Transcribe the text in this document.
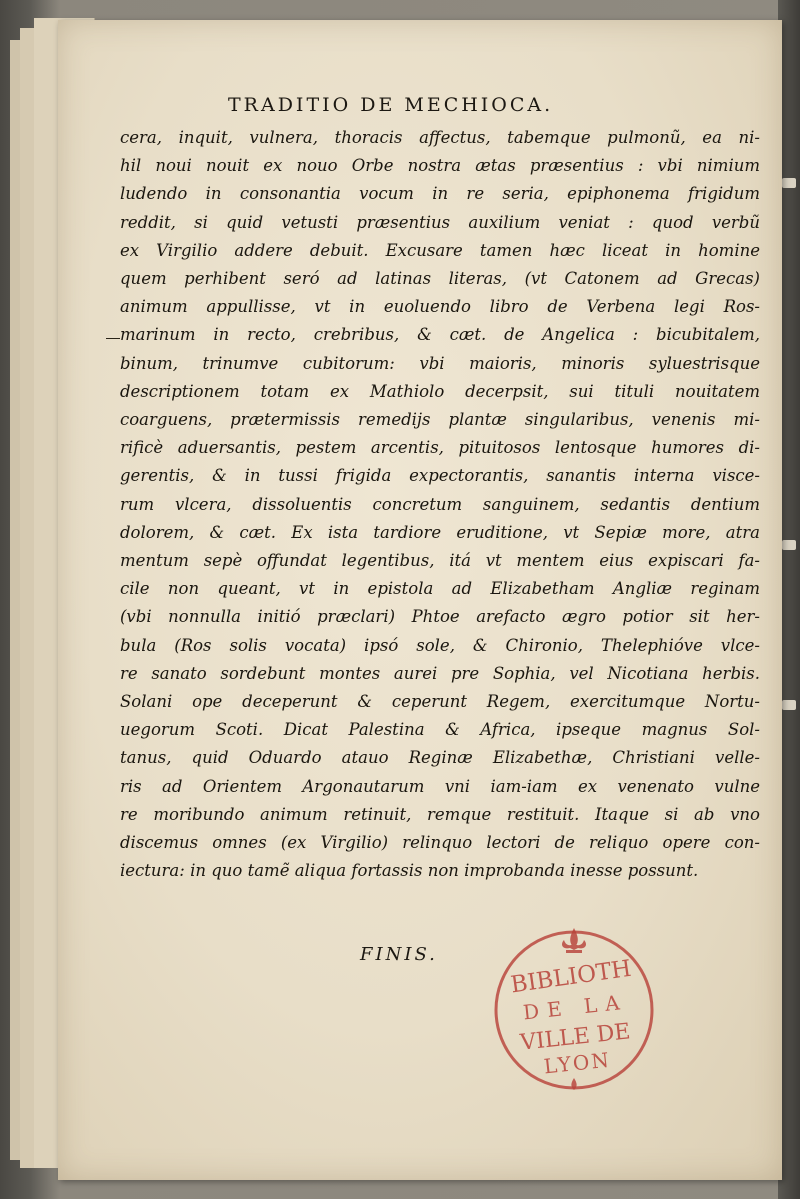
TRADITIO DE MECHIOCA.
cera, inquit, vulnera, thoracis affectus, tabemque pulmonũ, ea ni-
hil noui nouit ex nouo Orbe nostra ætas præsentius : vbi nimium
ludendo in consonantia vocum in re seria, epiphonema frigidum
reddit, si quid vetusti præsentius auxilium veniat : quod verbũ
ex Virgilio addere debuit. Excusare tamen hæc liceat in homine
quem perhibent seró ad latinas literas, (vt Catonem ad Grecas)
animum appullisse, vt in euoluendo libro de Verbena legi Ros-
marinum in recto, crebribus, & cæt. de Angelica : bicubitalem,
binum, trinumve cubitorum: vbi maioris, minoris syluestrisque
descriptionem totam ex Mathiolo decerpsit, sui tituli nouitatem
coarguens, prætermissis remedijs plantæ singularibus, venenis mi-
rificè aduersantis, pestem arcentis, pituitosos lentosque humores di-
gerentis, & in tussi frigida expectorantis, sanantis interna visce-
rum vlcera, dissoluentis concretum sanguinem, sedantis dentium
dolorem, & cæt. Ex ista tardiore eruditione, vt Sepiæ more, atra
mentum sepè offundat legentibus, itá vt mentem eius expiscari fa-
cile non queant, vt in epistola ad Elizabetham Angliæ reginam
(vbi nonnulla initió præclari) Phtoe arefacto ægro potior sit her-
bula (Ros solis vocata) ipsó sole, & Chironio, Thelephióve vlce-
re sanato sordebunt montes aurei pre Sophia, vel Nicotiana herbis.
Solani ope deceperunt & ceperunt Regem, exercitumque Nortu-
uegorum Scoti. Dicat Palestina & Africa, ipseque magnus Sol-
tanus, quid Oduardo atauo Reginæ Elizabethæ, Christiani velle-
ris ad Orientem Argonautarum vni iam-iam ex venenato vulne
re moribundo animum retinuit, remque restituit. Itaque si ab vno
discemus omnes (ex Virgilio) relinquo lectori de reliquo opere con-
iectura: in quo tamẽ aliqua fortassis non improbanda inesse possunt.
FINIS.
BIBLIOTH
DE LA
VILLE DE
LYON
